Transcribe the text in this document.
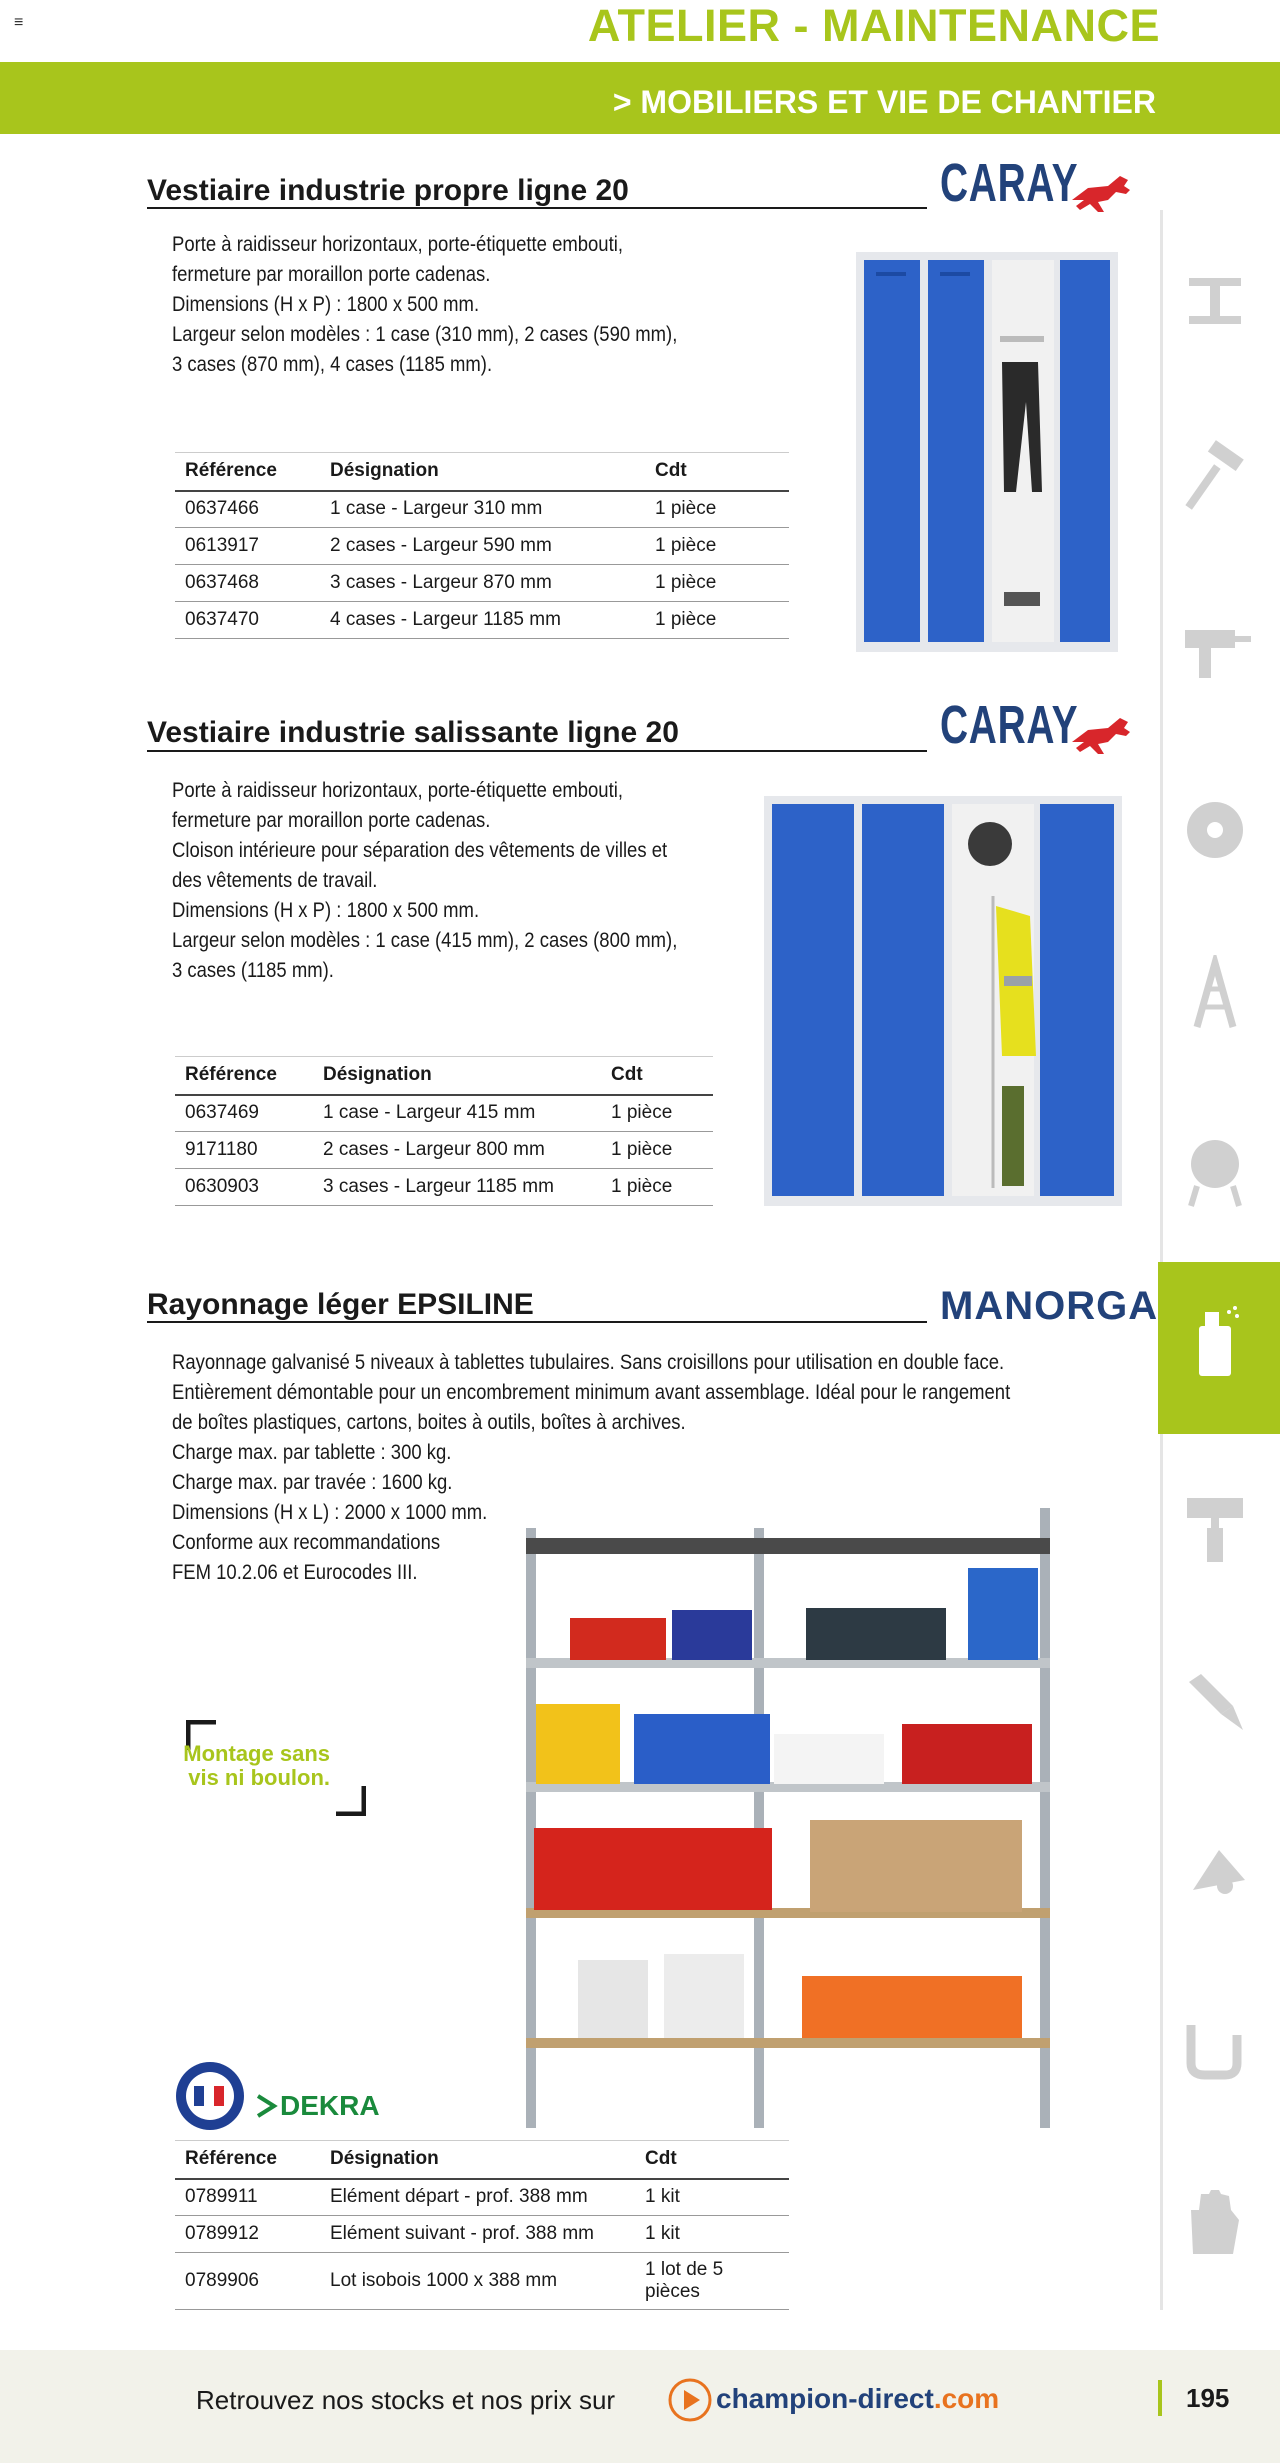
≡	ATELIER - MAINTENANCE
> MOBILIERS ET VIE DE CHANTIER
Vestiaire industrie propre ligne 20	CARAY
Porte à raidisseur horizontaux, porte-étiquette embouti,
fermeture par moraillon porte cadenas.
Dimensions (H x P) : 1800 x 500 mm.
Largeur selon modèles : 1 case (310 mm), 2 cases (590 mm),
3 cases (870 mm), 4 cases (1185 mm).
Référence	Désignation	Cdt
0637466	1 case - Largeur 310 mm	1 pièce
0613917	2 cases - Largeur 590 mm	1 pièce
0637468	3 cases - Largeur 870 mm	1 pièce
0637470	4 cases - Largeur 1185 mm	1 pièce
Vestiaire industrie salissante ligne 20	CARAY
Porte à raidisseur horizontaux, porte-étiquette embouti,
fermeture par moraillon porte cadenas.
Cloison intérieure pour séparation des vêtements de villes et
des vêtements de travail.
Dimensions (H x P) : 1800 x 500 mm.
Largeur selon modèles : 1 case (415 mm), 2 cases (800 mm),
3 cases (1185 mm).
Référence	Désignation	Cdt
0637469	1 case - Largeur 415 mm	1 pièce
9171180	2 cases - Largeur 800 mm	1 pièce
0630903	3 cases - Largeur 1185 mm	1 pièce
Rayonnage léger EPSILINE	MANORGA
Rayonnage galvanisé 5 niveaux à tablettes tubulaires. Sans croisillons pour utilisation en double face.
Entièrement démontable pour un encombrement minimum avant assemblage. Idéal pour le rangement
de boîtes plastiques, cartons, boites à outils, boîtes à archives.
Charge max. par tablette : 300 kg.
Charge max. par travée : 1600 kg.
Dimensions (H x L) : 2000 x 1000 mm.
Conforme aux recommandations
FEM 10.2.06 et Eurocodes III.
Montage sans
vis ni boulon.
DEKRA
Référence	Désignation	Cdt
0789911	Elément départ - prof. 388 mm	1 kit
0789912	Elément suivant - prof. 388 mm	1 kit
0789906	Lot isobois 1000 x 388 mm	1 lot de 5 pièces
Retrouvez nos stocks et nos prix sur	champion-direct.com	195
